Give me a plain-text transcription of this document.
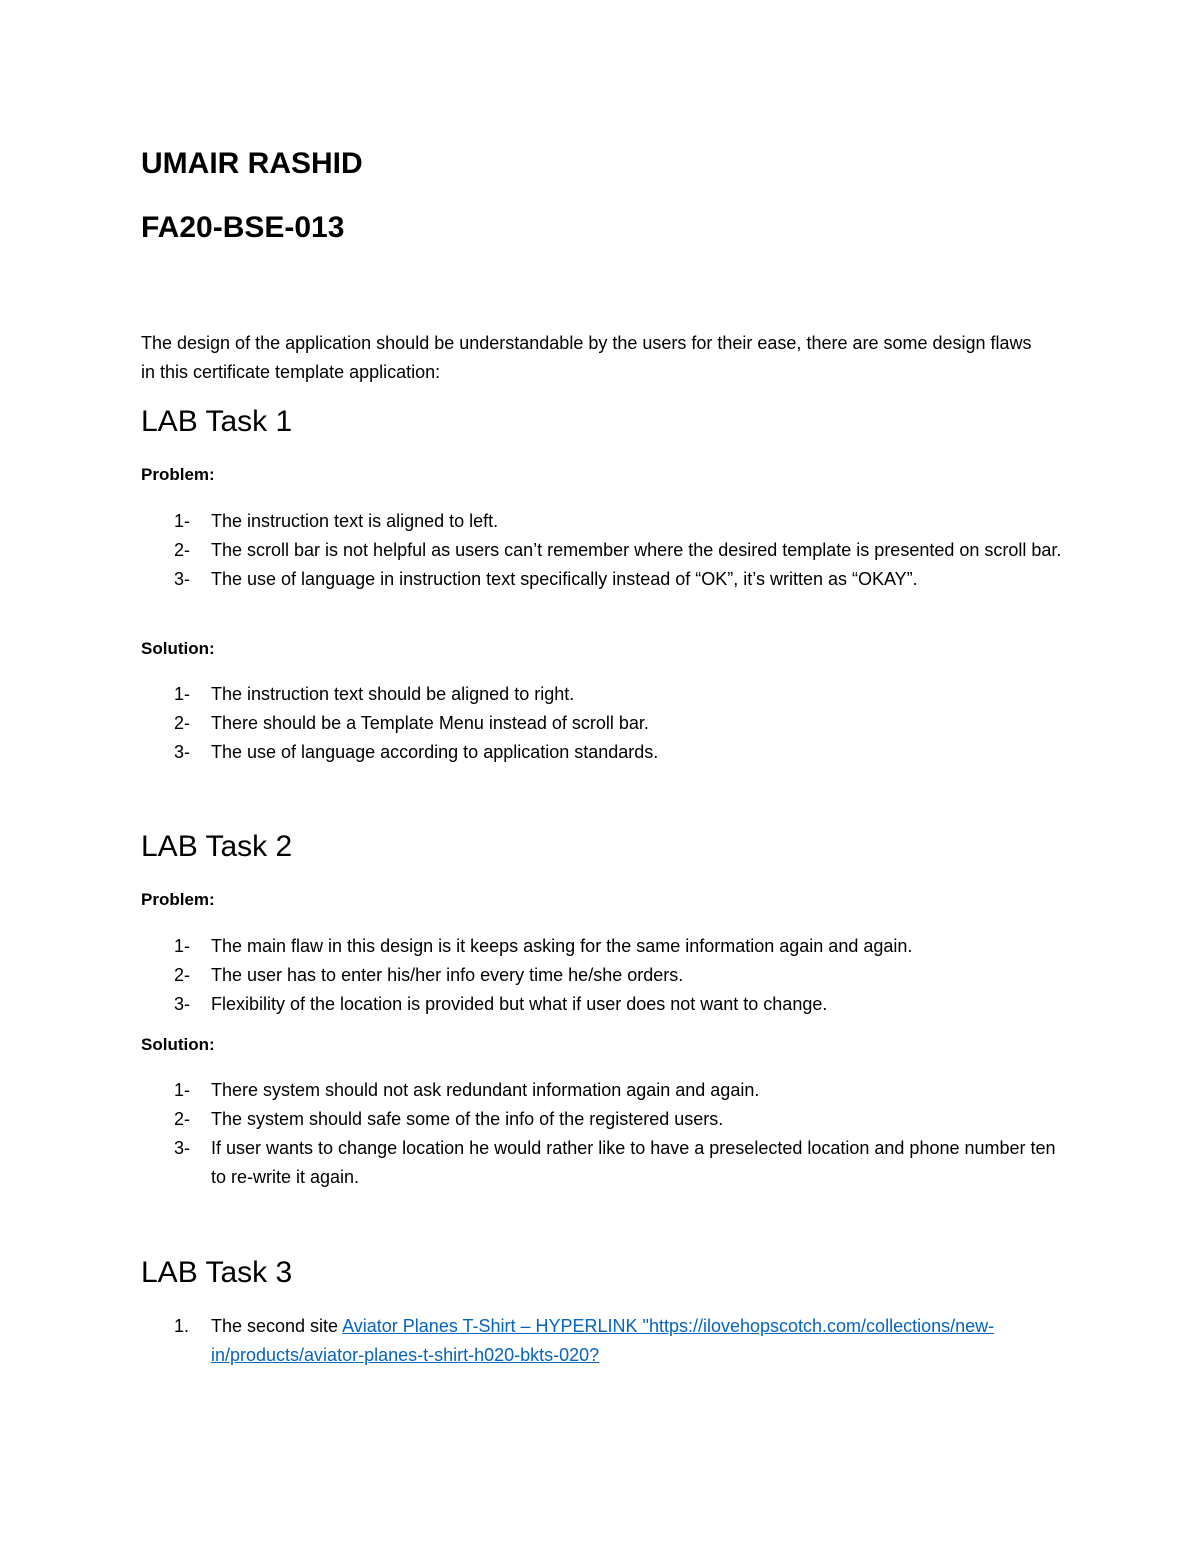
UMAIR RASHID
FA20-BSE-013
The design of the application should be understandable by the users for their ease, there are some design flaws in this certificate template application:
LAB Task 1
Problem:
1- The instruction text is aligned to left.
2- The scroll bar is not helpful as users can’t remember where the desired template is presented on scroll bar.
3- The use of language in instruction text specifically instead of “OK”, it’s written as “OKAY”.
Solution:
1- The instruction text should be aligned to right.
2- There should be a Template Menu instead of scroll bar.
3- The use of language according to application standards.
LAB Task 2
Problem:
1- The main flaw in this design is it keeps asking for the same information again and again.
2- The user has to enter his/her info every time he/she orders.
3- Flexibility of the location is provided but what if user does not want to change.
Solution:
1- There system should not ask redundant information again and again.
2- The system should safe some of the info of the registered users.
3- If user wants to change location he would rather like to have a preselected location and phone number ten to re-write it again.
LAB Task 3
1. The second site Aviator Planes T-Shirt – HYPERLINK "https://ilovehopscotch.com/collections/new-in/products/aviator-planes-t-shirt-h020-bkts-020?
